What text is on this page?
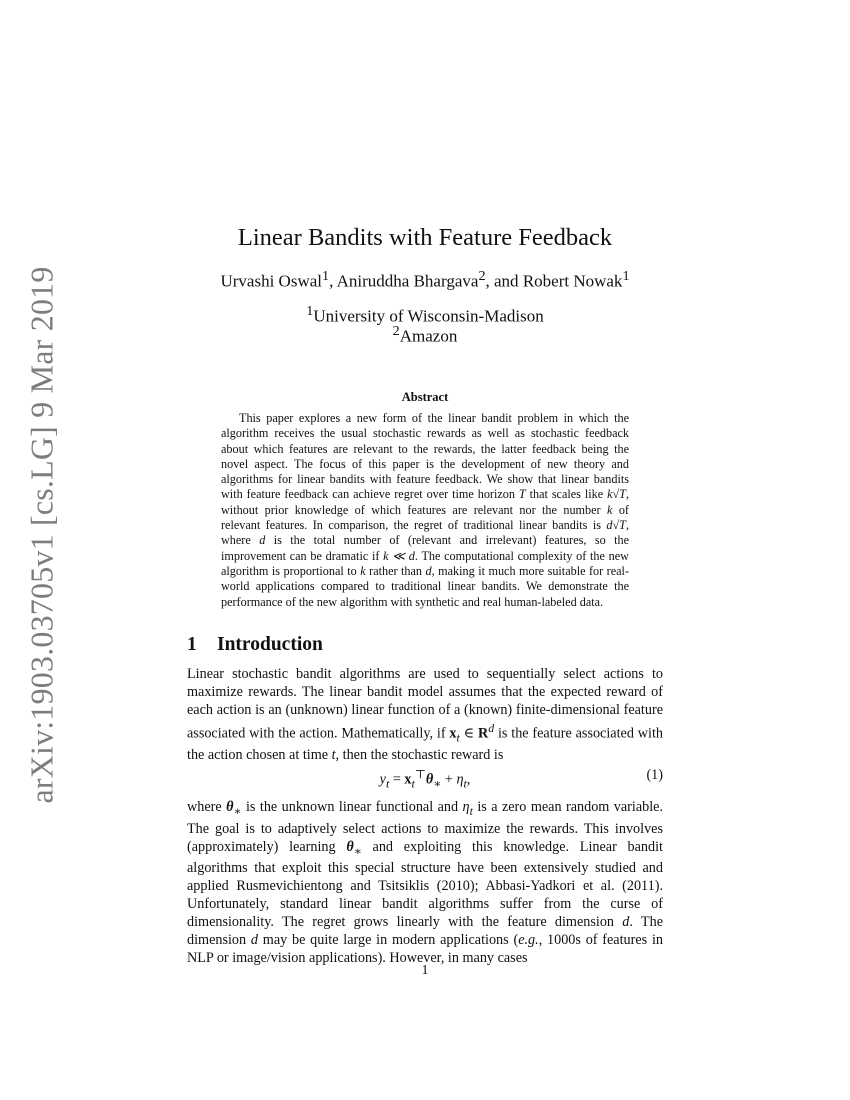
arXiv:1903.03705v1 [cs.LG] 9 Mar 2019
Linear Bandits with Feature Feedback
Urvashi Oswal$^1$, Aniruddha Bhargava$^2$, and Robert Nowak$^1$
$^1$University of Wisconsin-Madison
$^2$Amazon
Abstract

This paper explores a new form of the linear bandit problem in which the algorithm receives the usual stochastic rewards as well as stochastic feedback about which features are relevant to the rewards, the latter feedback being the novel aspect. The focus of this paper is the development of new theory and algorithms for linear bandits with feature feedback. We show that linear bandits with feature feedback can achieve regret over time horizon T that scales like k√T, without prior knowledge of which features are relevant nor the number k of relevant features. In comparison, the regret of traditional linear bandits is d√T, where d is the total number of (relevant and irrelevant) features, so the improvement can be dramatic if k ≪ d. The computational complexity of the new algorithm is proportional to k rather than d, making it much more suitable for real-world applications compared to traditional linear bandits. We demonstrate the performance of the new algorithm with synthetic and real human-labeled data.

1 Introduction

Linear stochastic bandit algorithms are used to sequentially select actions to maximize rewards. The linear bandit model assumes that the expected reward of each action is an (unknown) linear function of a (known) finite-dimensional feature associated with the action. Mathematically, if $x_t$ ∈ $R^d$ is the feature associated with the action chosen at time t, then the stochastic reward is

$y_t = x_t^⊤\theta_∗ + \eta_t$,	(1)

where $\theta_∗$ is the unknown linear functional and $\eta_t$ is a zero mean random variable. The goal is to adaptively select actions to maximize the rewards. This involves (approximately) learning $\theta_∗$ and exploiting this knowledge. Linear bandit algorithms that exploit this special structure have been extensively studied and applied Rusmevichientong and Tsitsiklis (2010); Abbasi-Yadkori et al. (2011). Unfortunately, standard linear bandit algorithms suffer from the curse of dimensionality. The regret grows linearly with the feature dimension d. The dimension d may be quite large in modern applications (e.g., 1000s of features in NLP or image/vision applications). However, in many cases

1
